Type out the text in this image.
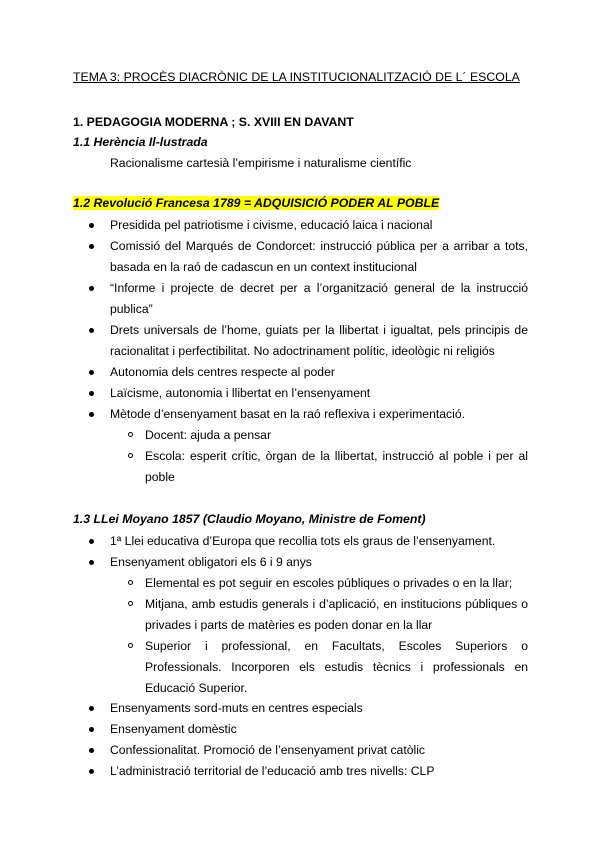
TEMA 3: PROCÈS DIACRÒNIC DE LA INSTITUCIONALITZACIÓ DE L´ ESCOLA
1. PEDAGOGIA MODERNA ; S. XVIII EN DAVANT
1.1 Herència Il-lustrada
Racionalisme cartesià l’empirisme i naturalisme científic
1.2 Revolució Francesa 1789 = ADQUISICIÓ PODER AL POBLE
Presidida pel patriotisme i civisme, educació laica i nacional
Comissió del Marqués de Condorcet: instrucció pública per a arribar a tots,
basada en la raó de cadascun en un context institucional
“Informe i projecte de decret per a l’organització general de la instrucció
publica”
Drets universals de l’home, guiats per la llibertat i igualtat, pels principis de
racionalitat i perfectibilitat. No adoctrinament polític, ideològic ni religiós
Autonomia dels centres respecte al poder
Laïcisme, autonomia i llibertat en l’ensenyament
Mètode d’ensenyament basat en la raó reflexiva i experimentació.
Docent: ajuda a pensar
Escola: esperit crític, òrgan de la llibertat, instrucció al poble i per al
poble
1.3 LLei Moyano 1857 (Claudio Moyano, Ministre de Foment)
1ª Llei educativa d’Europa que recollia tots els graus de l’ensenyament.
Ensenyament obligatori els 6 i 9 anys
Elemental es pot seguir en escoles públiques o privades o en la llar;
Mitjana, amb estudis generals i d’aplicació, en institucions públiques o
privades i parts de matèries es poden donar en la llar
Superior i professional, en Facultats, Escoles Superiors o
Professionals. Incorporen els estudis tècnics i professionals en
Educació Superior.
Ensenyaments sord-muts en centres especials
Ensenyament domèstic
Confessionalitat. Promoció de l’ensenyament privat catòlic
L’administració territorial de l’educació amb tres nivells: CLP
